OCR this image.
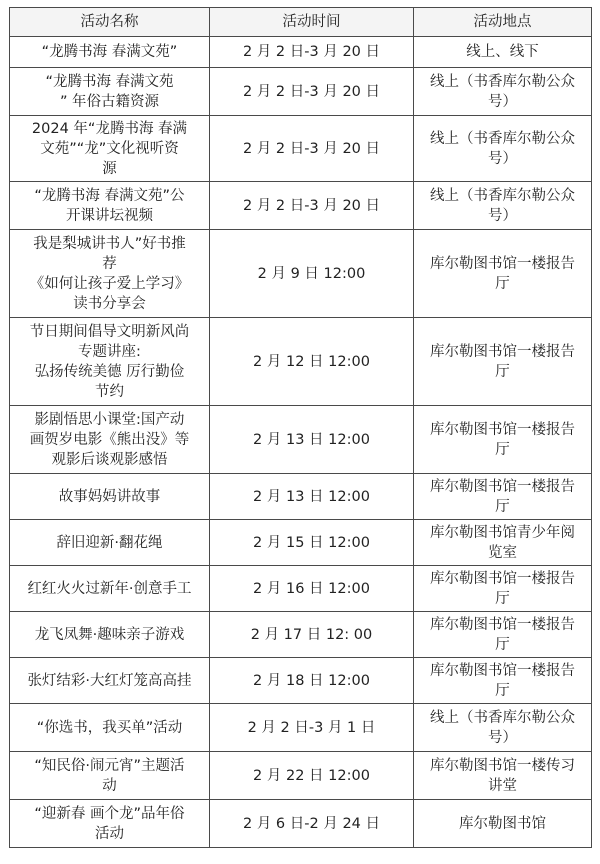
活动名称	活动时间	活动地点
“龙腾书海 春满文苑”	2 月 2 日-3 月 20 日	线上、线下
“龙腾书海 春满文苑
” 年俗古籍资源	2 月 2 日-3 月 20 日	线上（书香库尔勒公众
号）
2024 年“龙腾书海 春满
文苑”“龙”文化视听资
源	2 月 2 日-3 月 20 日	线上（书香库尔勒公众
号）
“龙腾书海 春满文苑”公
开课讲坛视频	2 月 2 日-3 月 20 日	线上（书香库尔勒公众
号）
我是梨城讲书人”好书推
荐
《如何让孩子爱上学习》
读书分享会	2 月 9 日 12:00	库尔勒图书馆一楼报告
厅
节日期间倡导文明新风尚
专题讲座:
弘扬传统美德 厉行勤俭
节约	2 月 12 日 12:00	库尔勒图书馆一楼报告
厅
影剧悟思小课堂:国产动
画贺岁电影《熊出没》等
观影后谈观影感悟	2 月 13 日 12:00	库尔勒图书馆一楼报告
厅
故事妈妈讲故事	2 月 13 日 12:00	库尔勒图书馆一楼报告
厅
辞旧迎新·翻花绳	2 月 15 日 12:00	库尔勒图书馆青少年阅
览室
红红火火过新年·创意手工	2 月 16 日 12:00	库尔勒图书馆一楼报告
厅
龙飞凤舞·趣味亲子游戏	2 月 17 日 12: 00	库尔勒图书馆一楼报告
厅
张灯结彩·大红灯笼高高挂	2 月 18 日 12:00	库尔勒图书馆一楼报告
厅
“你选书，我买单”活动	2 月 2 日-3 月 1 日	线上（书香库尔勒公众
号）
“知民俗·闹元宵”主题活
动	2 月 22 日 12:00	库尔勒图书馆一楼传习
讲堂
“迎新春 画个龙”品年俗
活动	2 月 6 日-2 月 24 日	库尔勒图书馆
